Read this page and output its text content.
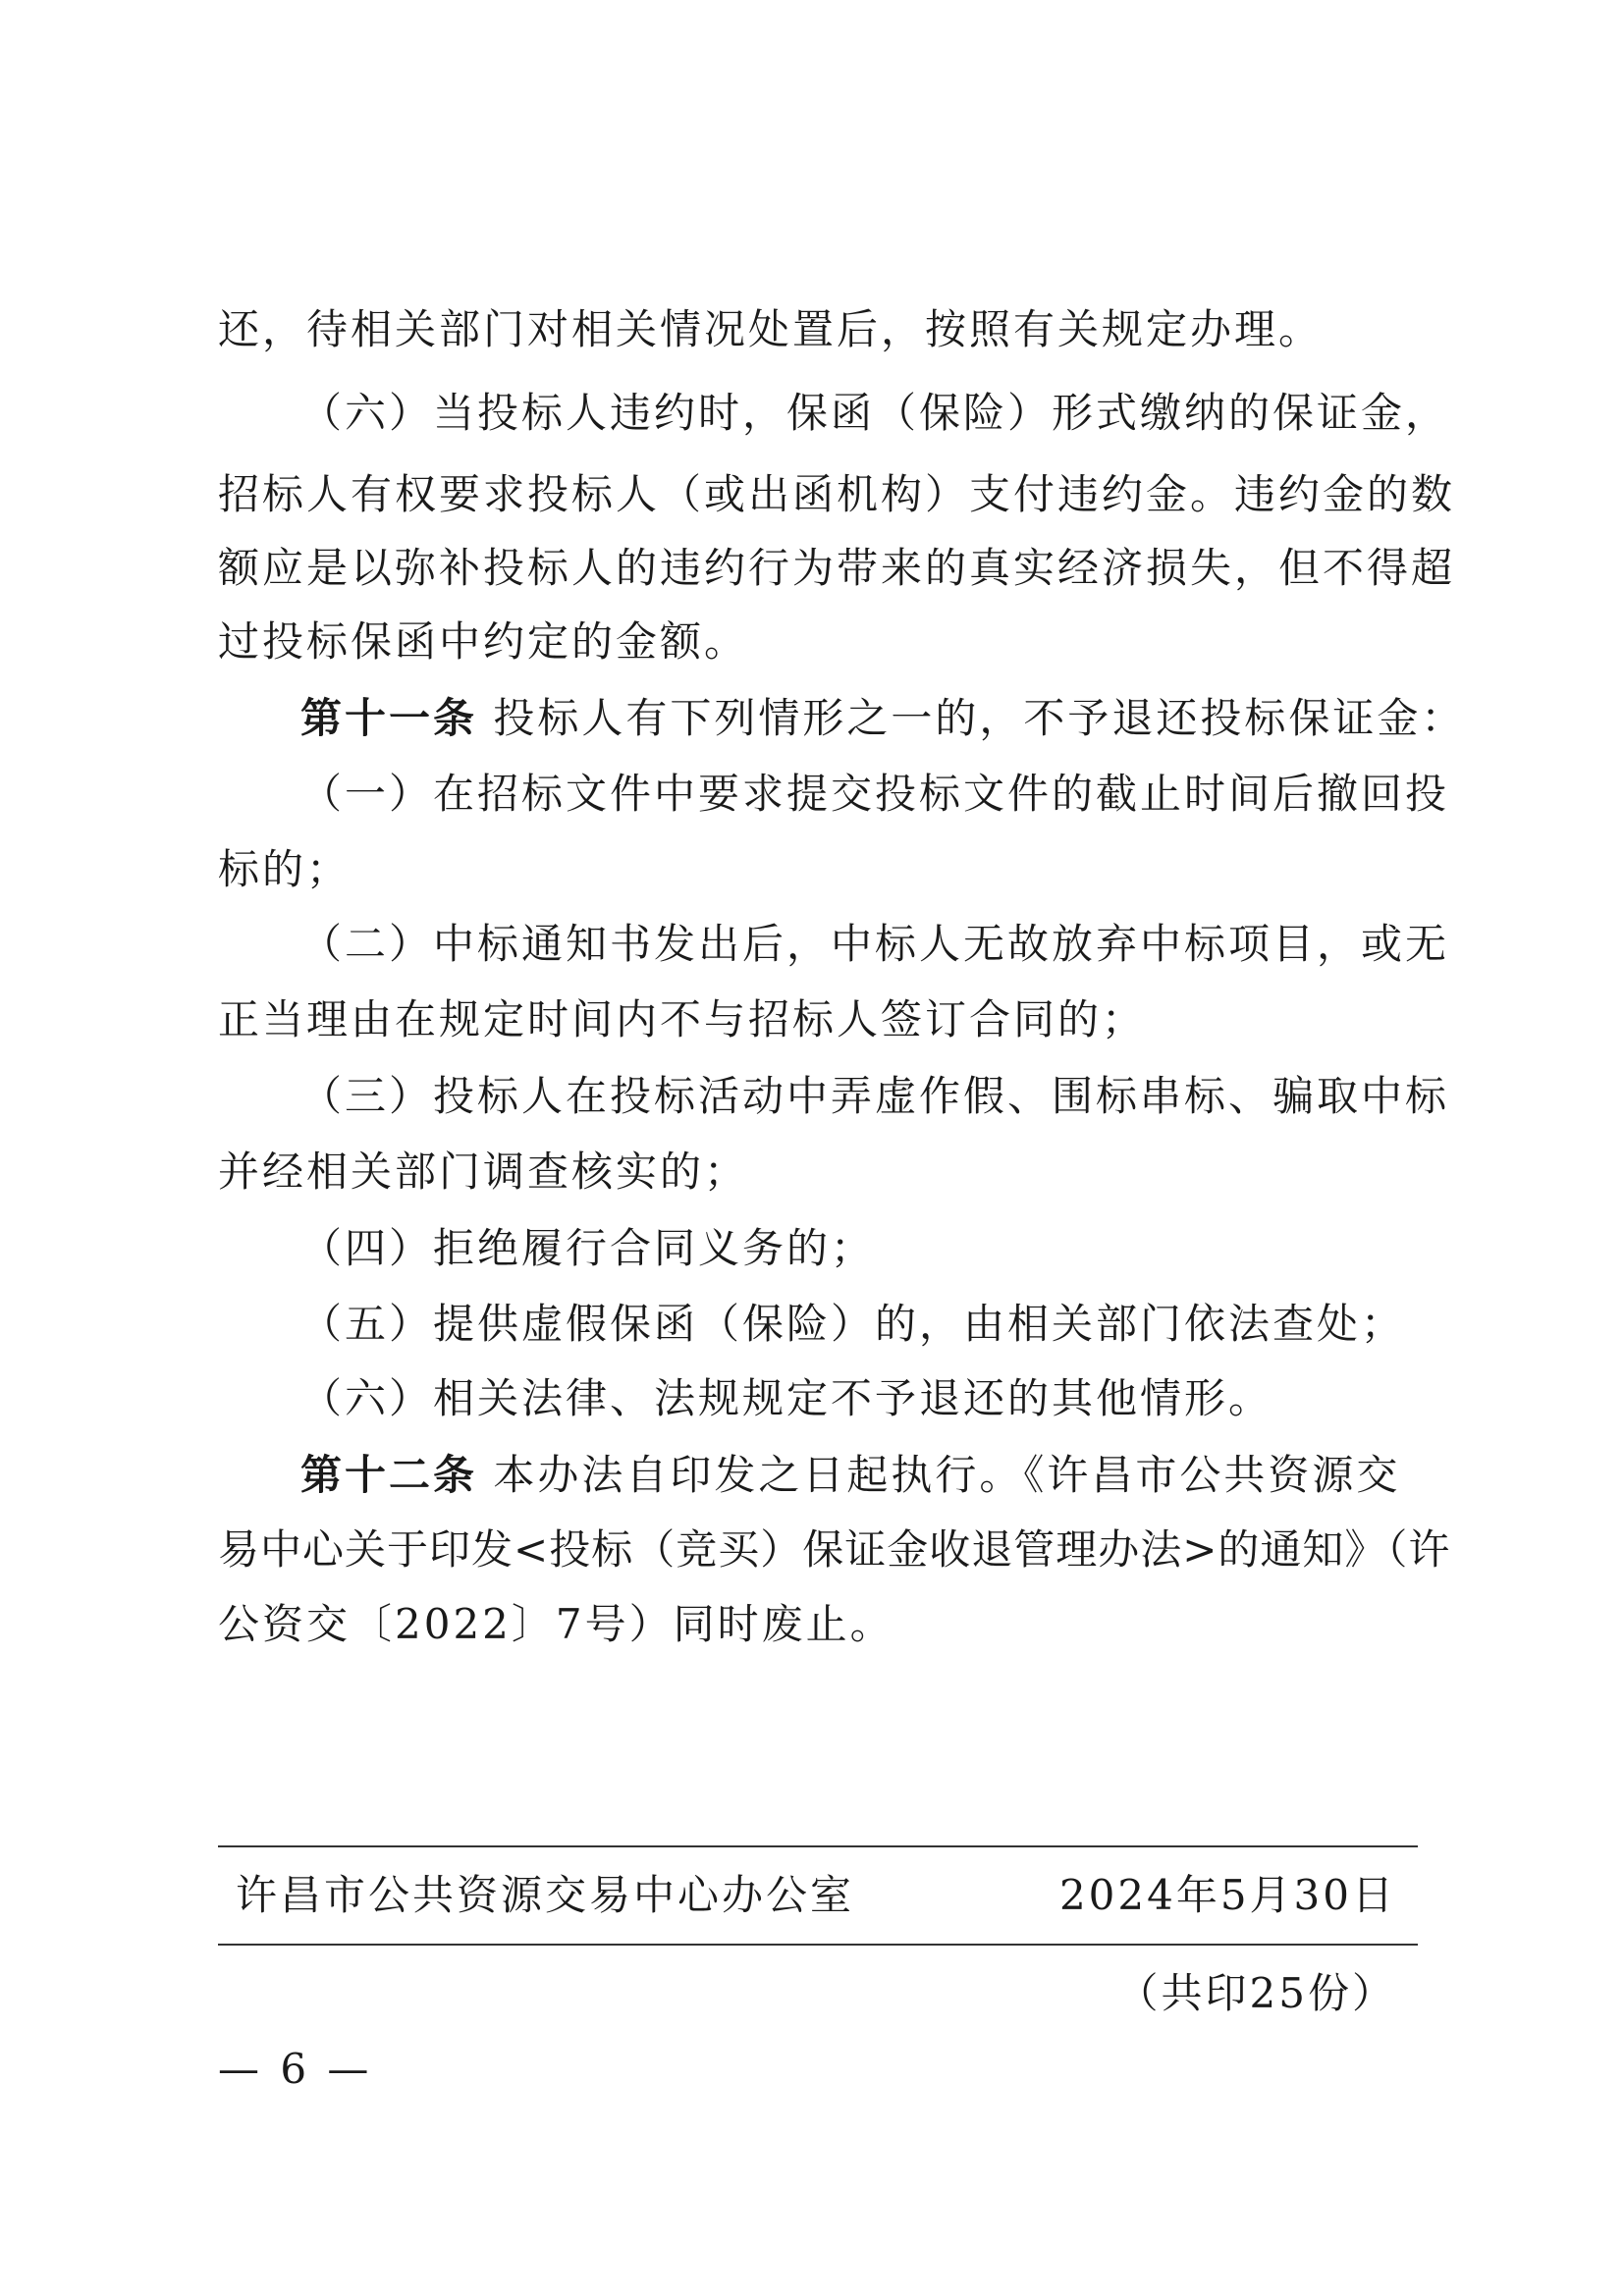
还，待相关部门对相关情况处置后，按照有关规定办理。
（六）当投标人违约时，保函（保险）形式缴纳的保证金，
招标人有权要求投标人（或出函机构）支付违约金。违约金的数
额应是以弥补投标人的违约行为带来的真实经济损失，但不得超
过投标保函中约定的金额。
第十一条 投标人有下列情形之一的，不予退还投标保证金：
（一）在招标文件中要求提交投标文件的截止时间后撤回投
标的；
（二）中标通知书发出后，中标人无故放弃中标项目，或无
正当理由在规定时间内不与招标人签订合同的；
（三）投标人在投标活动中弄虚作假、围标串标、骗取中标
并经相关部门调查核实的；
（四）拒绝履行合同义务的；
（五）提供虚假保函（保险）的，由相关部门依法查处；
（六）相关法律、法规规定不予退还的其他情形。
第十二条 本办法自印发之日起执行。《许昌市公共资源交
易中心关于印发<投标（竞买）保证金收退管理办法>的通知》（许
公资交〔2022〕7号）同时废止。
许昌市公共资源交易中心办公室	2024年5月30日
（共印25份）
— 6 —
